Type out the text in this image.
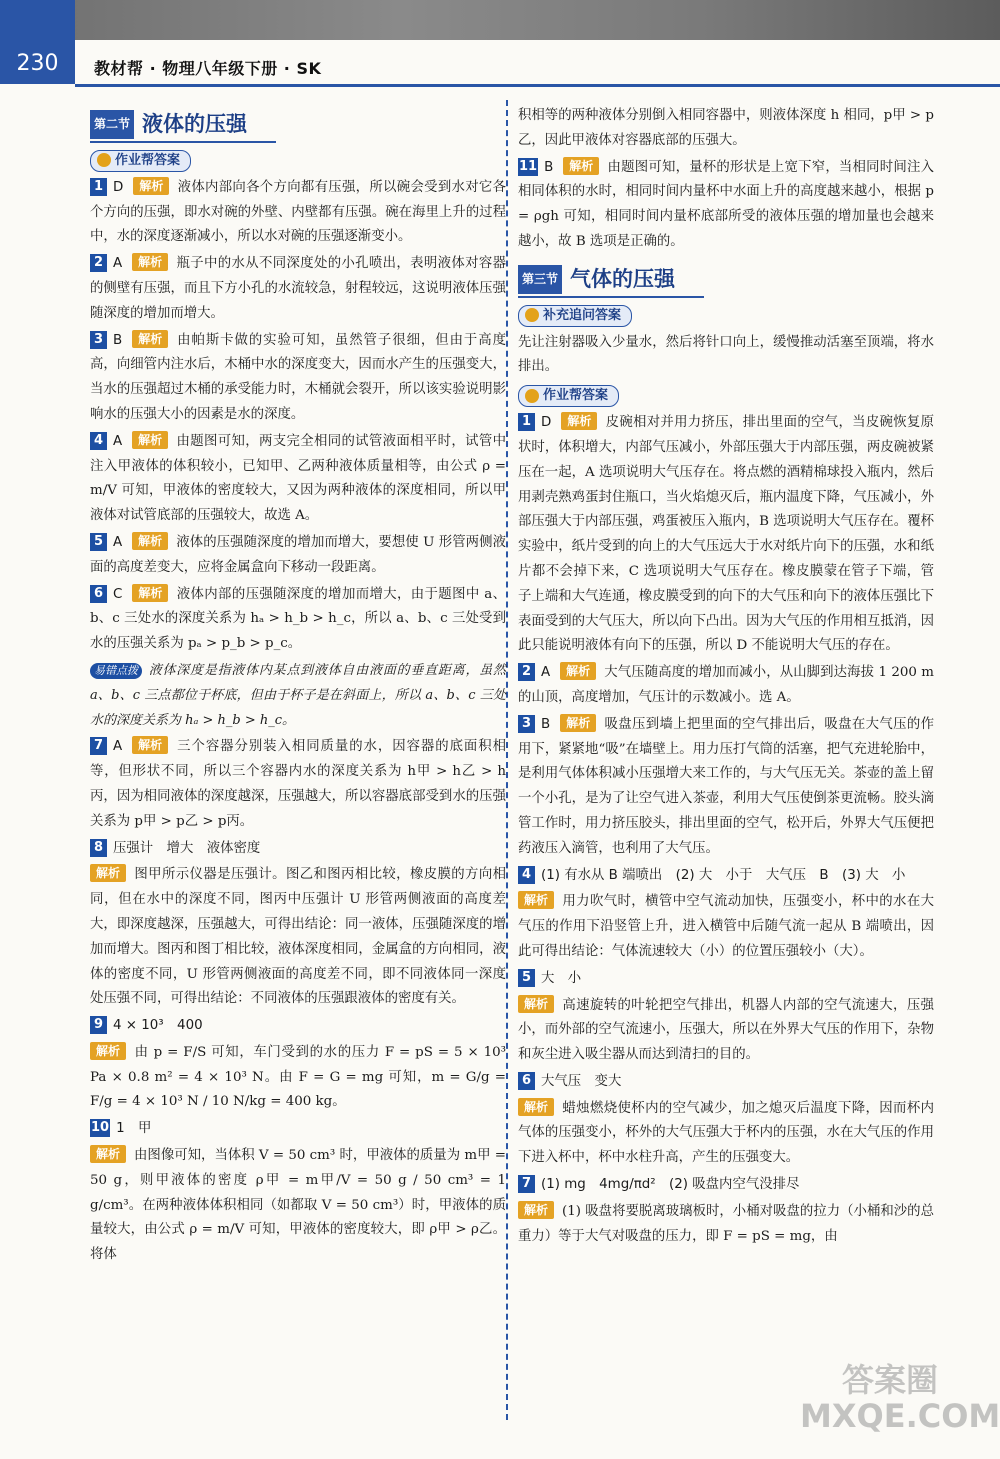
230	教材帮 · 物理八年级下册 · SK
第二节 液体的压强
作业帮答案
1 D 解析 液体内部向各个方向都有压强，所以碗会受到水对它各个方向的压强，即水对碗的外壁、内壁都有压强。碗在海里上升的过程中，水的深度逐渐减小，所以水对碗的压强逐渐变小。
2 A 解析 瓶子中的水从不同深度处的小孔喷出，表明液体对容器的侧壁有压强，而且下方小孔的水流较急，射程较远，这说明液体压强随深度的增加而增大。
3 B 解析 由帕斯卡做的实验可知，虽然管子很细，但由于高度高，向细管内注水后，木桶中水的深度变大，因而水产生的压强变大，当水的压强超过木桶的承受能力时，木桶就会裂开，所以该实验说明影响水的压强大小的因素是水的深度。
4 A 解析 由题图可知，两支完全相同的试管液面相平时，试管中注入甲液体的体积较小，已知甲、乙两种液体质量相等，由公式 ρ = m/V 可知，甲液体的密度较大，又因为两种液体的深度相同，所以甲液体对试管底部的压强较大，故选 A。
5 A 解析 液体的压强随深度的增加而增大，要想使 U 形管两侧液面的高度差变大，应将金属盒向下移动一段距离。
6 C 解析 液体内部的压强随深度的增加而增大，由于题图中 a、b、c 三处水的深度关系为 hₐ > h_b > h_c，所以 a、b、c 三处受到水的压强关系为 pₐ > p_b > p_c。
易错点拨 液体深度是指液体内某点到液体自由液面的垂直距离，虽然 a、b、c 三点都位于杯底，但由于杯子是在斜面上，所以 a、b、c 三处水的深度关系为 hₐ > h_b > h_c。
7 A 解析 三个容器分别装入相同质量的水，因容器的底面积相等，但形状不同，所以三个容器内水的深度关系为 h甲 > h乙 > h丙，因为相同液体的深度越深，压强越大，所以容器底部受到水的压强关系为 p甲 > p乙 > p丙。
8 压强计　增大　液体密度
解析 图甲所示仪器是压强计。图乙和图丙相比较，橡皮膜的方向相同，但在水中的深度不同，图丙中压强计 U 形管两侧液面的高度差大，即深度越深，压强越大，可得出结论：同一液体，压强随深度的增加而增大。图丙和图丁相比较，液体深度相同，金属盒的方向相同，液体的密度不同，U 形管两侧液面的高度差不同，即不同液体同一深度处压强不同，可得出结论：不同液体的压强跟液体的密度有关。
9 4 × 10³　400
解析 由 p = F/S 可知，车门受到的水的压力 F = pS = 5 × 10³ Pa × 0.8 m² = 4 × 10³ N。由 F = G = mg 可知，m = G/g = F/g = 4 × 10³ N / 10 N/kg = 400 kg。
10 1　甲
解析 由图像可知，当体积 V = 50 cm³ 时，甲液体的质量为 m甲 = 50 g，则甲液体的密度 ρ甲 = m甲/V = 50 g / 50 cm³ = 1 g/cm³。在两种液体体积相同（如都取 V = 50 cm³）时，甲液体的质量较大，由公式 ρ = m/V 可知，甲液体的密度较大，即 ρ甲 > ρ乙。将体
积相等的两种液体分别倒入相同容器中，则液体深度 h 相同，p甲 > p乙，因此甲液体对容器底部的压强大。
11 B 解析 由题图可知，量杯的形状是上宽下窄，当相同时间注入相同体积的水时，相同时间内量杯中水面上升的高度越来越小，根据 p = ρgh 可知，相同时间内量杯底部所受的液体压强的增加量也会越来越小，故 B 选项是正确的。
第三节 气体的压强
补充追问答案
先让注射器吸入少量水，然后将针口向上，缓慢推动活塞至顶端，将水排出。
作业帮答案
1 D 解析 皮碗相对并用力挤压，排出里面的空气，当皮碗恢复原状时，体积增大，内部气压减小，外部压强大于内部压强，两皮碗被紧压在一起，A 选项说明大气压存在。将点燃的酒精棉球投入瓶内，然后用剥壳熟鸡蛋封住瓶口，当火焰熄灭后，瓶内温度下降，气压减小，外部压强大于内部压强，鸡蛋被压入瓶内，B 选项说明大气压存在。覆杯实验中，纸片受到的向上的大气压远大于水对纸片向下的压强，水和纸片都不会掉下来，C 选项说明大气压存在。橡皮膜蒙在管子下端，管子上端和大气连通，橡皮膜受到的向下的大气压和向下的液体压强比下表面受到的大气压大，所以向下凸出。因为大气压的作用相互抵消，因此只能说明液体有向下的压强，所以 D 不能说明大气压的存在。
2 A 解析 大气压随高度的增加而减小，从山脚到达海拔 1 200 m 的山顶，高度增加，气压计的示数减小。选 A。
3 B 解析 吸盘压到墙上把里面的空气排出后，吸盘在大气压的作用下，紧紧地“吸”在墙壁上。用力压打气筒的活塞，把气充进轮胎中，是利用气体体积减小压强增大来工作的，与大气压无关。茶壶的盖上留一个小孔，是为了让空气进入茶壶，利用大气压使倒茶更流畅。胶头滴管工作时，用力挤压胶头，排出里面的空气，松开后，外界大气压便把药液压入滴管，也利用了大气压。
4 (1) 有水从 B 端喷出　(2) 大　小于　大气压　B　(3) 大　小
解析 用力吹气时，横管中空气流动加快，压强变小，杯中的水在大气压的作用下沿竖管上升，进入横管中后随气流一起从 B 端喷出，因此可得出结论：气体流速较大（小）的位置压强较小（大）。
5 大　小
解析 高速旋转的叶轮把空气排出，机器人内部的空气流速大，压强小，而外部的空气流速小，压强大，所以在外界大气压的作用下，杂物和灰尘进入吸尘器从而达到清扫的目的。
6 大气压　变大
解析 蜡烛燃烧使杯内的空气减少，加之熄灭后温度下降，因而杯内气体的压强变小，杯外的大气压强大于杯内的压强，水在大气压的作用下进入杯中，杯中水柱升高，产生的压强变大。
7 (1) mg　4mg/πd²　(2) 吸盘内空气没排尽
解析 (1) 吸盘将要脱离玻璃板时，小桶对吸盘的拉力（小桶和沙的总重力）等于大气对吸盘的压力，即 F = pS = mg，由
答案圈
MXQE.COM
